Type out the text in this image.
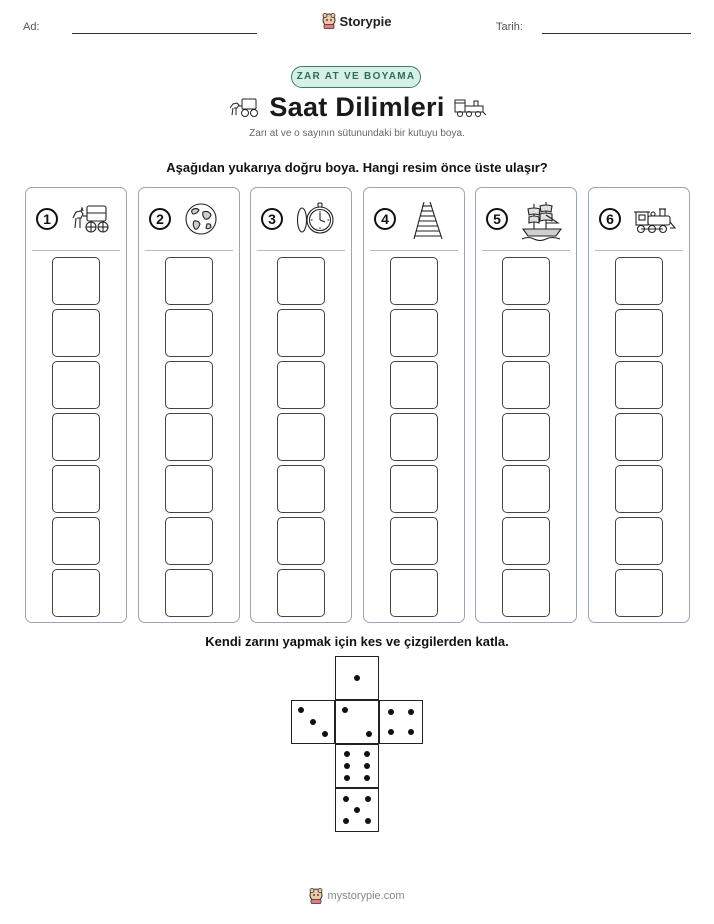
Ad:	Tarih:
Storypie
ZAR AT VE BOYAMA
Saat Dilimleri
Zarı at ve o sayının sütunundaki bir kutuyu boya.
Aşağıdan yukarıya doğru boya. Hangi resim önce üste ulaşır?
1	2	3	4	5	6
Kendi zarını yapmak için kes ve çizgilerden katla.
mystorypie.com
